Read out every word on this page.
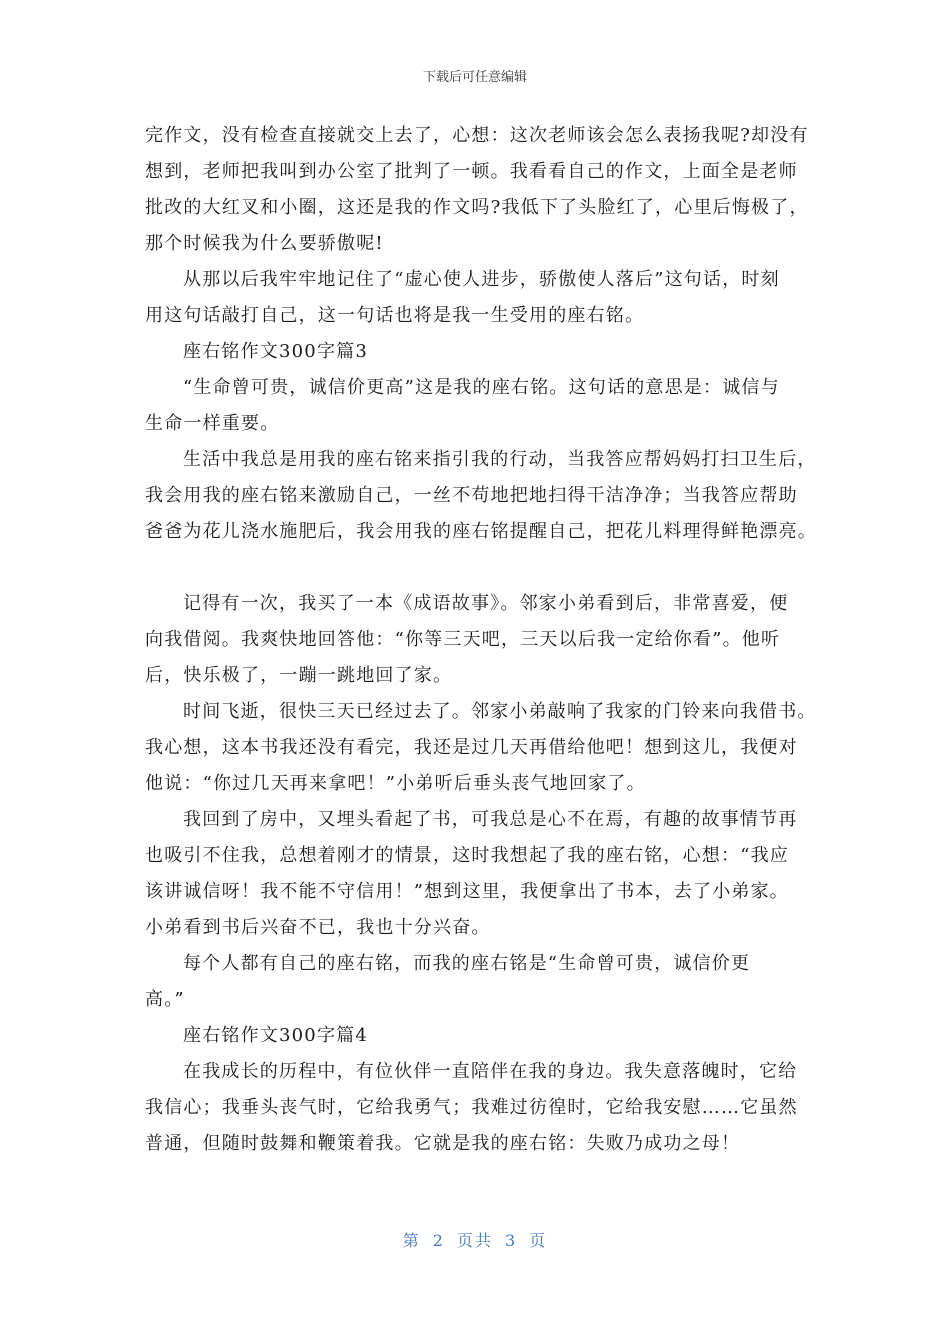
下载后可任意编辑
完作文，没有检查直接就交上去了，心想：这次老师该会怎么表扬我呢?却没有
想到，老师把我叫到办公室了批判了一顿。我看看自己的作文，上面全是老师
批改的大红叉和小圈，这还是我的作文吗?我低下了头脸红了，心里后悔极了，
那个时候我为什么要骄傲呢!
从那以后我牢牢地记住了“虚心使人进步，骄傲使人落后”这句话，时刻
用这句话敲打自己，这一句话也将是我一生受用的座右铭。
座右铭作文300字篇3
“生命曾可贵，诚信价更高”这是我的座右铭。这句话的意思是：诚信与
生命一样重要。
生活中我总是用我的座右铭来指引我的行动，当我答应帮妈妈打扫卫生后，
我会用我的座右铭来激励自己，一丝不苟地把地扫得干洁净净；当我答应帮助
爸爸为花儿浇水施肥后，我会用我的座右铭提醒自己，把花儿料理得鲜艳漂亮。
记得有一次，我买了一本《成语故事》。邻家小弟看到后，非常喜爱，便
向我借阅。我爽快地回答他：“你等三天吧，三天以后我一定给你看”。他听
后，快乐极了，一蹦一跳地回了家。
时间飞逝，很快三天已经过去了。邻家小弟敲响了我家的门铃来向我借书。
我心想，这本书我还没有看完，我还是过几天再借给他吧！想到这儿，我便对
他说：“你过几天再来拿吧！”小弟听后垂头丧气地回家了。
我回到了房中，又埋头看起了书，可我总是心不在焉，有趣的故事情节再
也吸引不住我，总想着刚才的情景，这时我想起了我的座右铭，心想：“我应
该讲诚信呀！我不能不守信用！”想到这里，我便拿出了书本，去了小弟家。
小弟看到书后兴奋不已，我也十分兴奋。
每个人都有自己的座右铭，而我的座右铭是“生命曾可贵，诚信价更
高。”
座右铭作文300字篇4
在我成长的历程中，有位伙伴一直陪伴在我的身边。我失意落魄时，它给
我信心；我垂头丧气时，它给我勇气；我难过彷徨时，它给我安慰……它虽然
普通，但随时鼓舞和鞭策着我。它就是我的座右铭：失败乃成功之母！
第 2 页共 3 页
